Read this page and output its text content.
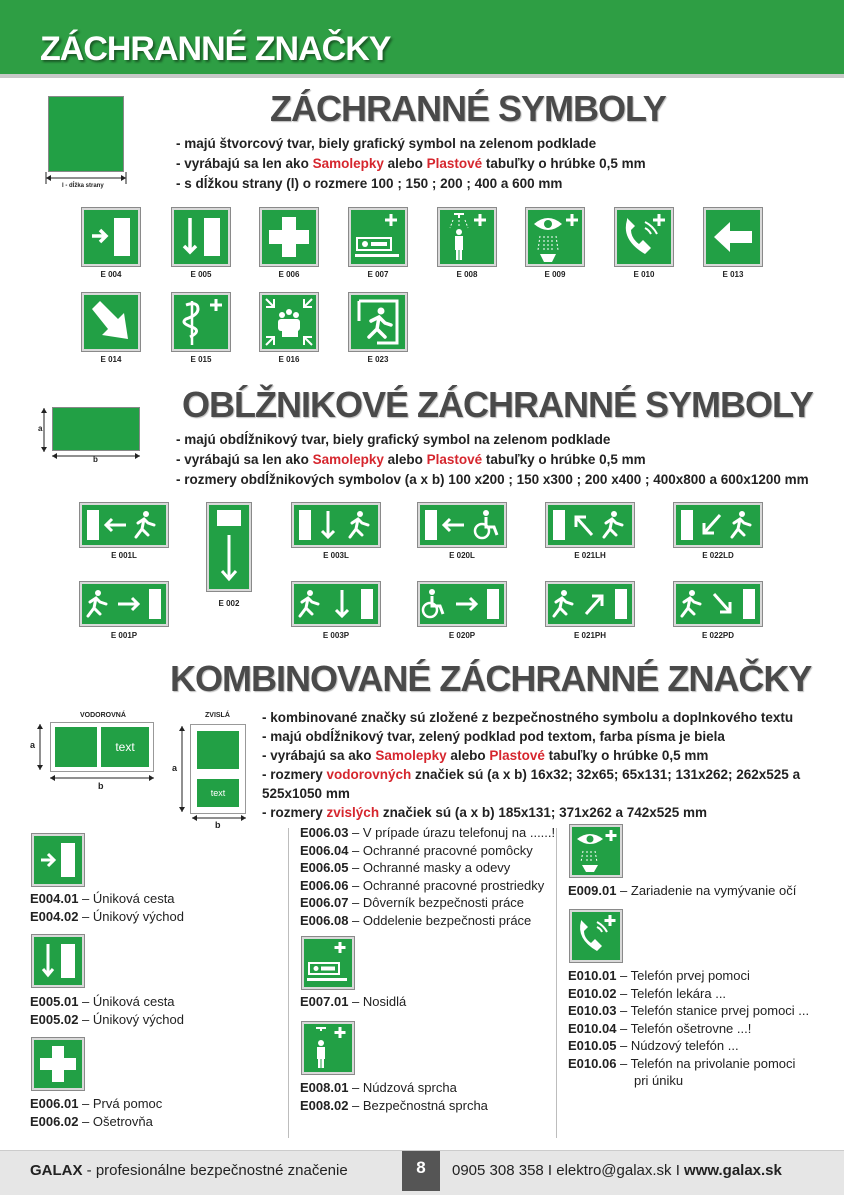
ZÁCHRANNÉ ZNAČKY
l - dĺžka strany
ZÁCHRANNÉ SYMBOLY
- majú štvorcový tvar, biely grafický symbol na zelenom podklade
- vyrábajú sa len ako Samolepky alebo Plastové tabuľky o hrúbke 0,5 mm
- s dĺžkou strany (l) o rozmere 100 ; 150 ; 200 ; 400 a 600 mm
E 004	E 005	E 006	E 007	E 008	E 009	E 010	E 013
E 014	E 015	E 016	E 023
a
b
OBĹŽNIKOVÉ ZÁCHRANNÉ SYMBOLY
- majú obdĺžnikový tvar, biely grafický symbol na zelenom podklade
- vyrábajú sa len ako Samolepky alebo Plastové tabuľky o hrúbke 0,5 mm
- rozmery obdĺžnikových symbolov (a x b) 100 x200 ; 150 x300 ; 200 x400 ; 400x800 a 600x1200 mm
E 001L
E 002
E 003L	E 020L	E 021LH	E 022LD
E 001P	E 003P	E 020P	E 021PH	E 022PD
KOMBINOVANÉ ZÁCHRANNÉ ZNAČKY
VODOROVNÁ
text
a
b
ZVISLÁ
text
a
b
- kombinované značky sú zložené z bezpečnostného symbolu a doplnkového textu
- majú obdĺžnikový tvar, zelený podklad pod textom, farba písma je biela
- vyrábajú sa ako Samolepky alebo Plastové tabuľky o hrúbke 0,5 mm
- rozmery vodorovných značiek sú (a x b) 16x32; 32x65; 65x131; 131x262; 262x525 a 525x1050 mm
- rozmery zvislých značiek sú (a x b) 185x131; 371x262 a 742x525 mm
E004.01 – Úniková cesta
E004.02 – Únikový východ
E005.01 – Úniková cesta
E005.02 – Únikový východ
E006.01 – Prvá pomoc
E006.02 – Ošetrovňa
E006.03 – V prípade úrazu telefonuj na ......!
E006.04 – Ochranné pracovné pomôcky
E006.05 – Ochranné masky a odevy
E006.06 – Ochranné pracovné prostriedky
E006.07 – Dôverník bezpečnosti práce
E006.08 – Oddelenie bezpečnosti práce
E007.01 – Nosidlá
E008.01 – Núdzová sprcha
E008.02 – Bezpečnostná sprcha
E009.01 – Zariadenie na vymývanie očí
E010.01 – Telefón prvej pomoci
E010.02 – Telefón lekára ...
E010.03 – Telefón stanice prvej pomoci ...
E010.04 – Telefón ošetrovne ...!
E010.05 – Núdzový telefón ...
E010.06 – Telefón na privolanie pomoci
pri úniku
GALAX - profesionálne bezpečnostné značenie	8	0905 308 358 I elektro@galax.sk I www.galax.sk
